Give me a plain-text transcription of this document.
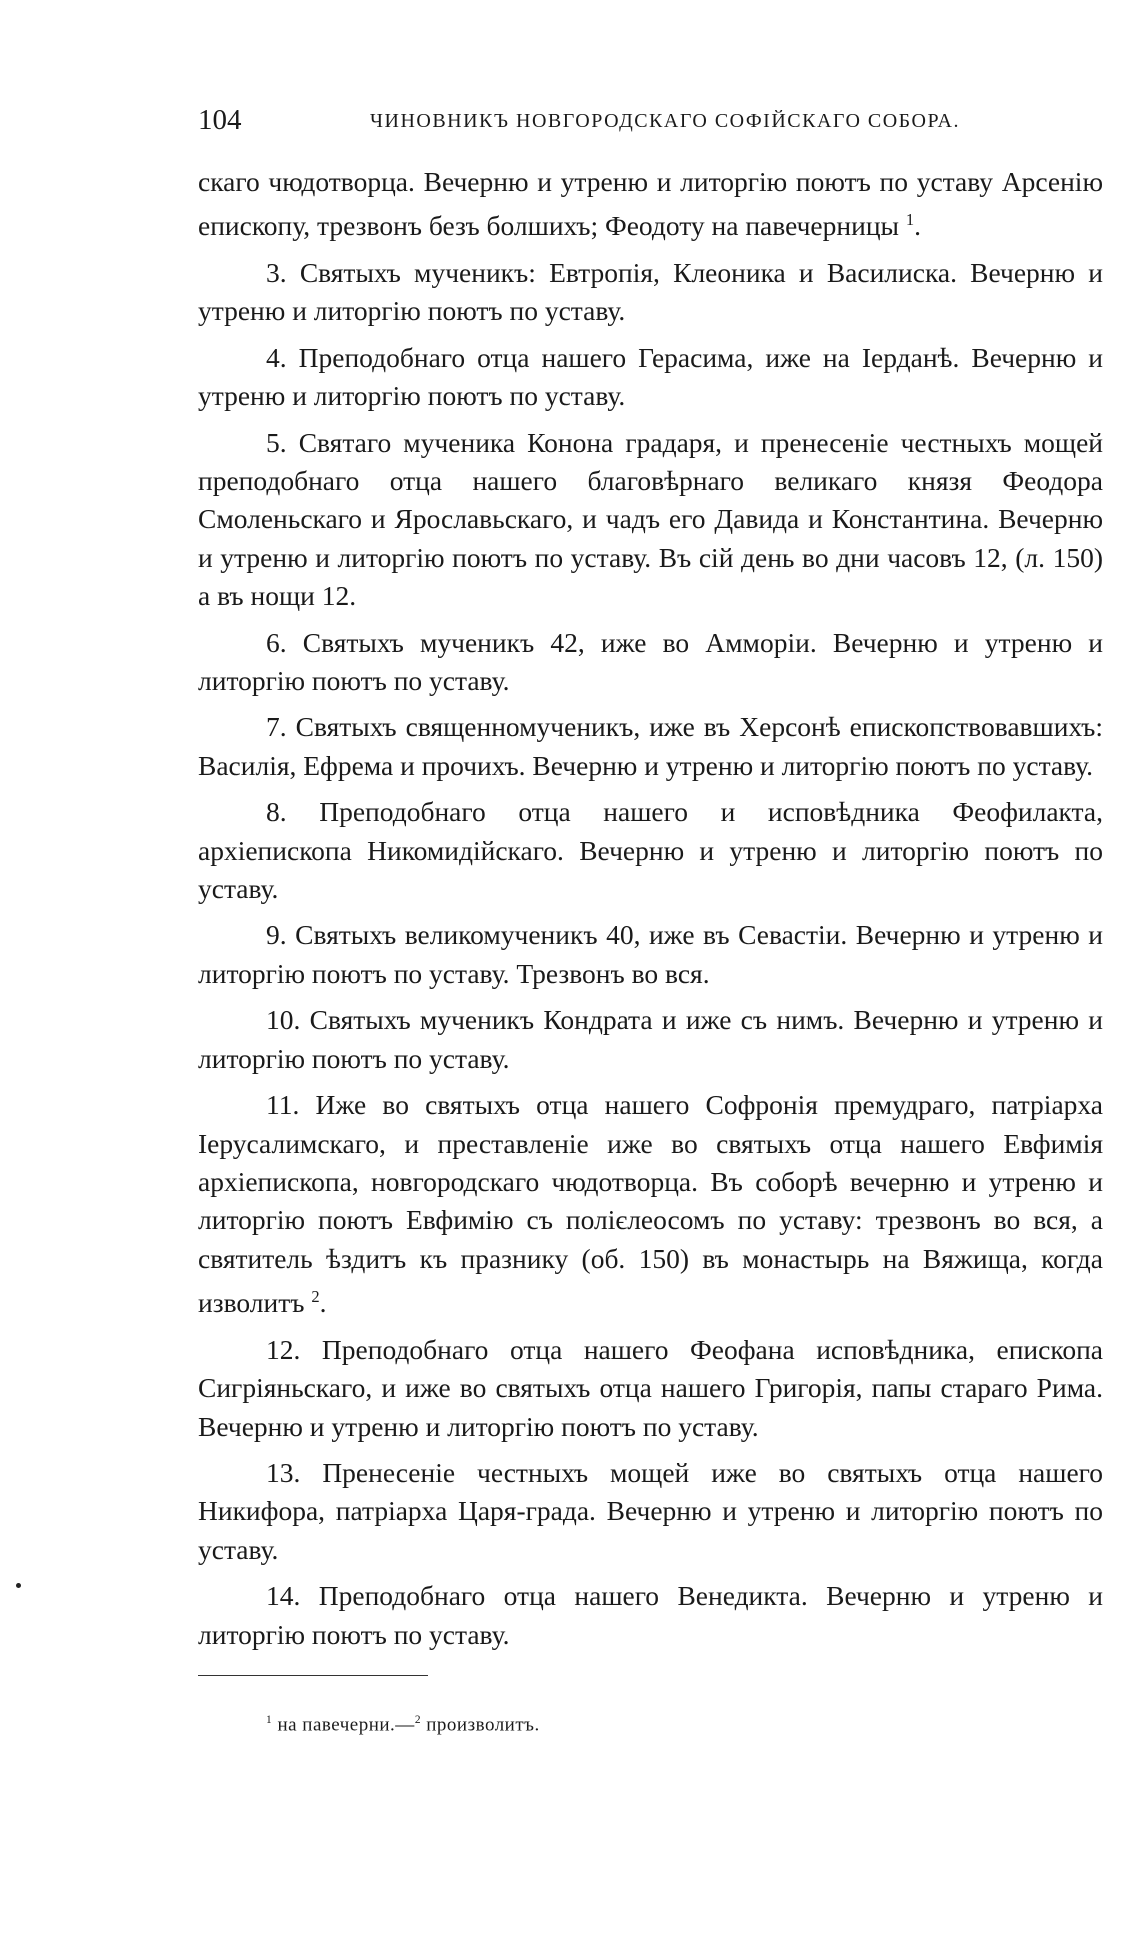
104	ЧИНОВНИКЪ НОВГОРОДСКАГО СОФІЙСКАГО СОБОРА.

скаго чюдотворца. Вечерню и утреню и литоргію поютъ по уставу Арсенію епископу, трезвонъ безъ болшихъ; Феодоту на павечерницы $^1$.

3. Святыхъ мученикъ: Евтропія, Клеоника и Василиска. Вечерню и утреню и литоргію поютъ по уставу.

4. Преподобнаго отца нашего Герасима, иже на Іерданѣ. Вечерню и утреню и литоргію поютъ по уставу.

5. Святаго мученика Конона градаря, и пренесеніе честныхъ мощей преподобнаго отца нашего благовѣрнаго великаго князя Феодора Смоленьскаго и Ярославьскаго, и чадъ его Давида и Константина. Вечерню и утреню и литоргію поютъ по уставу. Въ сій день во дни часовъ 12, (л. 150) а въ нощи 12.

6. Святыхъ мученикъ 42, иже во Амморіи. Вечерню и утреню и литоргію поютъ по уставу.

7. Святыхъ священномученикъ, иже въ Херсонѣ епископствовавшихъ: Василія, Ефрема и прочихъ. Вечерню и утреню и литоргію поютъ по уставу.

8. Преподобнаго отца нашего и исповѣдника Феофилакта, архіепископа Никомидійскаго. Вечерню и утреню и литоргію поютъ по уставу.

9. Святыхъ великомученикъ 40, иже въ Севастіи. Вечерню и утреню и литоргію поютъ по уставу. Трезвонъ во вся.

10. Святыхъ мученикъ Кондрата и иже съ нимъ. Вечерню и утреню и литоргію поютъ по уставу.

11. Иже во святыхъ отца нашего Софронія премудраго, патріарха Іерусалимскаго, и преставленіе иже во святыхъ отца нашего Евфимія архіепископа, новгородскаго чюдотворца. Въ соборѣ вечерню и утреню и литоргію поютъ Евфимію съ полієлеосомъ по уставу: трезвонъ во вся, а святитель ѣздитъ къ празнику (об. 150) въ монастырь на Вяжища, когда изволитъ $^2$.

12. Преподобнаго отца нашего Феофана исповѣдника, епископа Сигріяньскаго, и иже во святыхъ отца нашего Григорія, папы стараго Рима. Вечерню и утреню и литоргію поютъ по уставу.

13. Пренесеніе честныхъ мощей иже во святыхъ отца нашего Никифора, патріарха Царя-града. Вечерню и утреню и литоргію поютъ по уставу.

14. Преподобнаго отца нашего Венедикта. Вечерню и утреню и литоргію поютъ по уставу.

$^1$ на павечерни.—$^2$ произволитъ.
